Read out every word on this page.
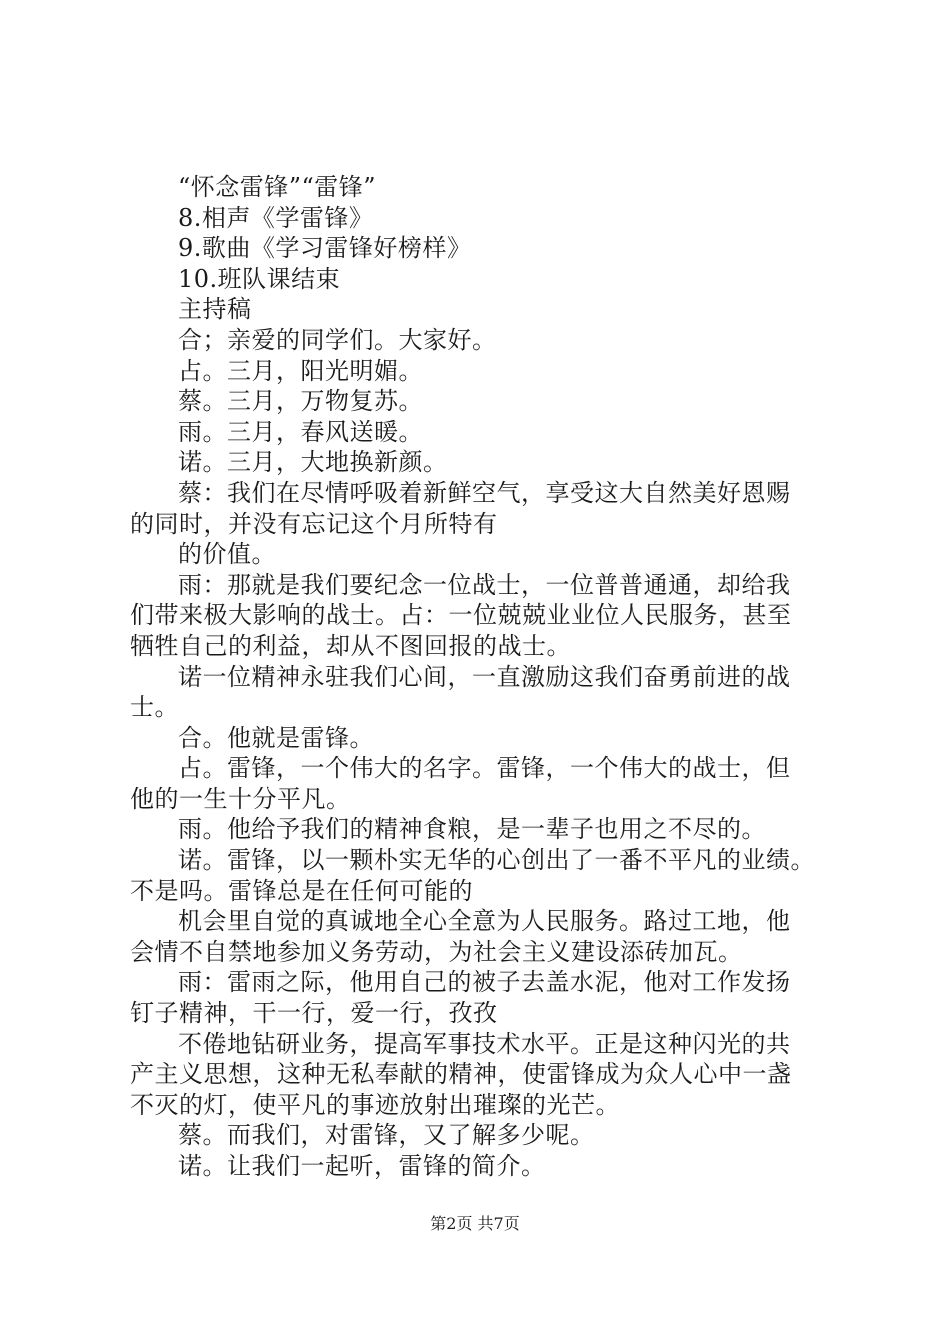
“怀念雷锋”“雷锋”
8.相声《学雷锋》
9.歌曲《学习雷锋好榜样》
10.班队课结束
主持稿
合；亲爱的同学们。大家好。
占。三月，阳光明媚。
蔡。三月，万物复苏。
雨。三月，春风送暖。
诺。三月，大地换新颜。
蔡：我们在尽情呼吸着新鲜空气，享受这大自然美好恩赐
的同时，并没有忘记这个月所特有
的价值。
雨：那就是我们要纪念一位战士，一位普普通通，却给我
们带来极大影响的战士。占：一位兢兢业业位人民服务，甚至
牺牲自己的利益，却从不图回报的战士。
诺一位精神永驻我们心间，一直激励这我们奋勇前进的战
士。
合。他就是雷锋。
占。雷锋，一个伟大的名字。雷锋，一个伟大的战士，但
他的一生十分平凡。
雨。他给予我们的精神食粮，是一辈子也用之不尽的。
诺。雷锋，以一颗朴实无华的心创出了一番不平凡的业绩。
不是吗。雷锋总是在任何可能的
机会里自觉的真诚地全心全意为人民服务。路过工地，他
会情不自禁地参加义务劳动，为社会主义建设添砖加瓦。
雨：雷雨之际，他用自己的被子去盖水泥，他对工作发扬
钉子精神，干一行，爱一行，孜孜
不倦地钻研业务，提高军事技术水平。正是这种闪光的共
产主义思想，这种无私奉献的精神，使雷锋成为众人心中一盏
不灭的灯，使平凡的事迹放射出璀璨的光芒。
蔡。而我们，对雷锋，又了解多少呢。
诺。让我们一起听，雷锋的简介。
第2页 共7页
